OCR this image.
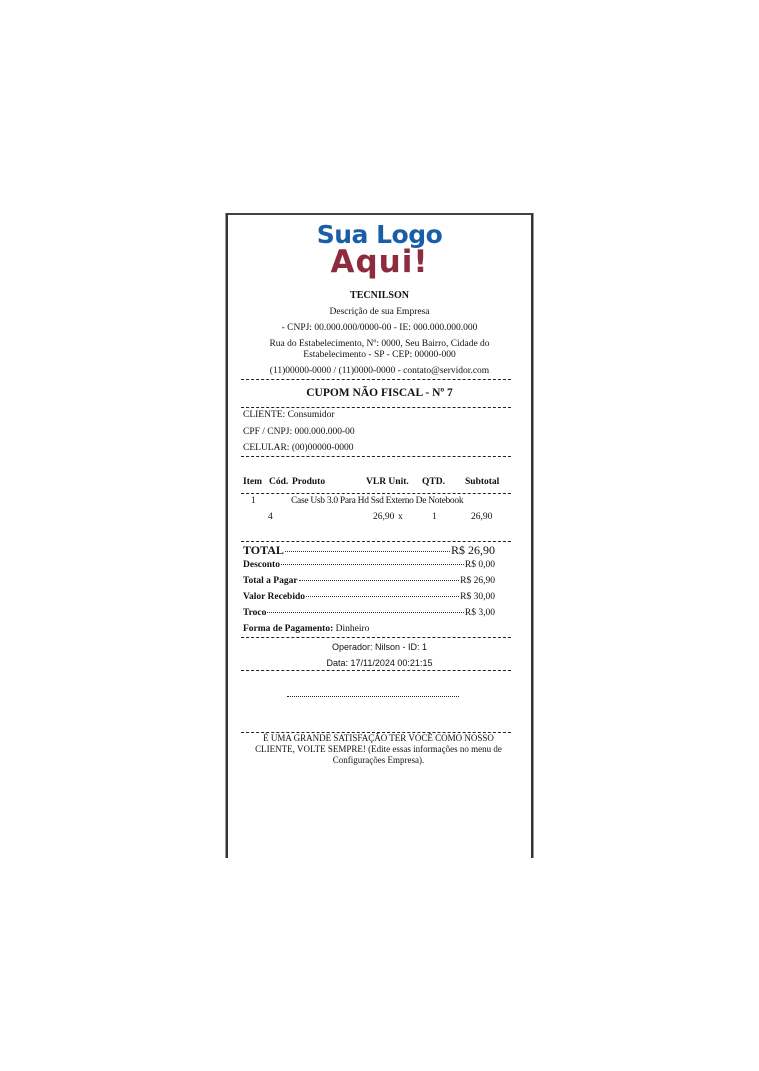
Sua Logo
Aqui!
TECNILSON
Descrição de sua Empresa
- CNPJ: 00.000.000/0000-00 - IE: 000.000.000.000
Rua do Estabelecimento, Nº: 0000, Seu Bairro, Cidade do
Estabelecimento - SP - CEP: 00000-000
(11)00000-0000 / (11)0000-0000 - contato@servidor.com
CUPOM NÃO FISCAL - Nº 7
CLIENTE: Consumidor
CPF / CNPJ: 000.000.000-00
CELULAR: (00)00000-0000
Item Cód. Produto	VLR Unit. QTD. Subtotal
1	Case Usb 3.0 Para Hd Ssd Externo De Notebook
4	26,90 x	1	26,90
TOTAL	R$ 26,90
Desconto	R$ 0,00
Total a Pagar	R$ 26,90
Valor Recebido	R$ 30,00
Troco	R$ 3,00
Forma de Pagamento: Dinheiro
Operador: Nilson - ID: 1
Data: 17/11/2024 00:21:15
É UMA GRANDE SATISFAÇÃO TER VOCÊ COMO NOSSO
CLIENTE, VOLTE SEMPRE! (Edite essas informações no menu de
Configurações Empresa).
